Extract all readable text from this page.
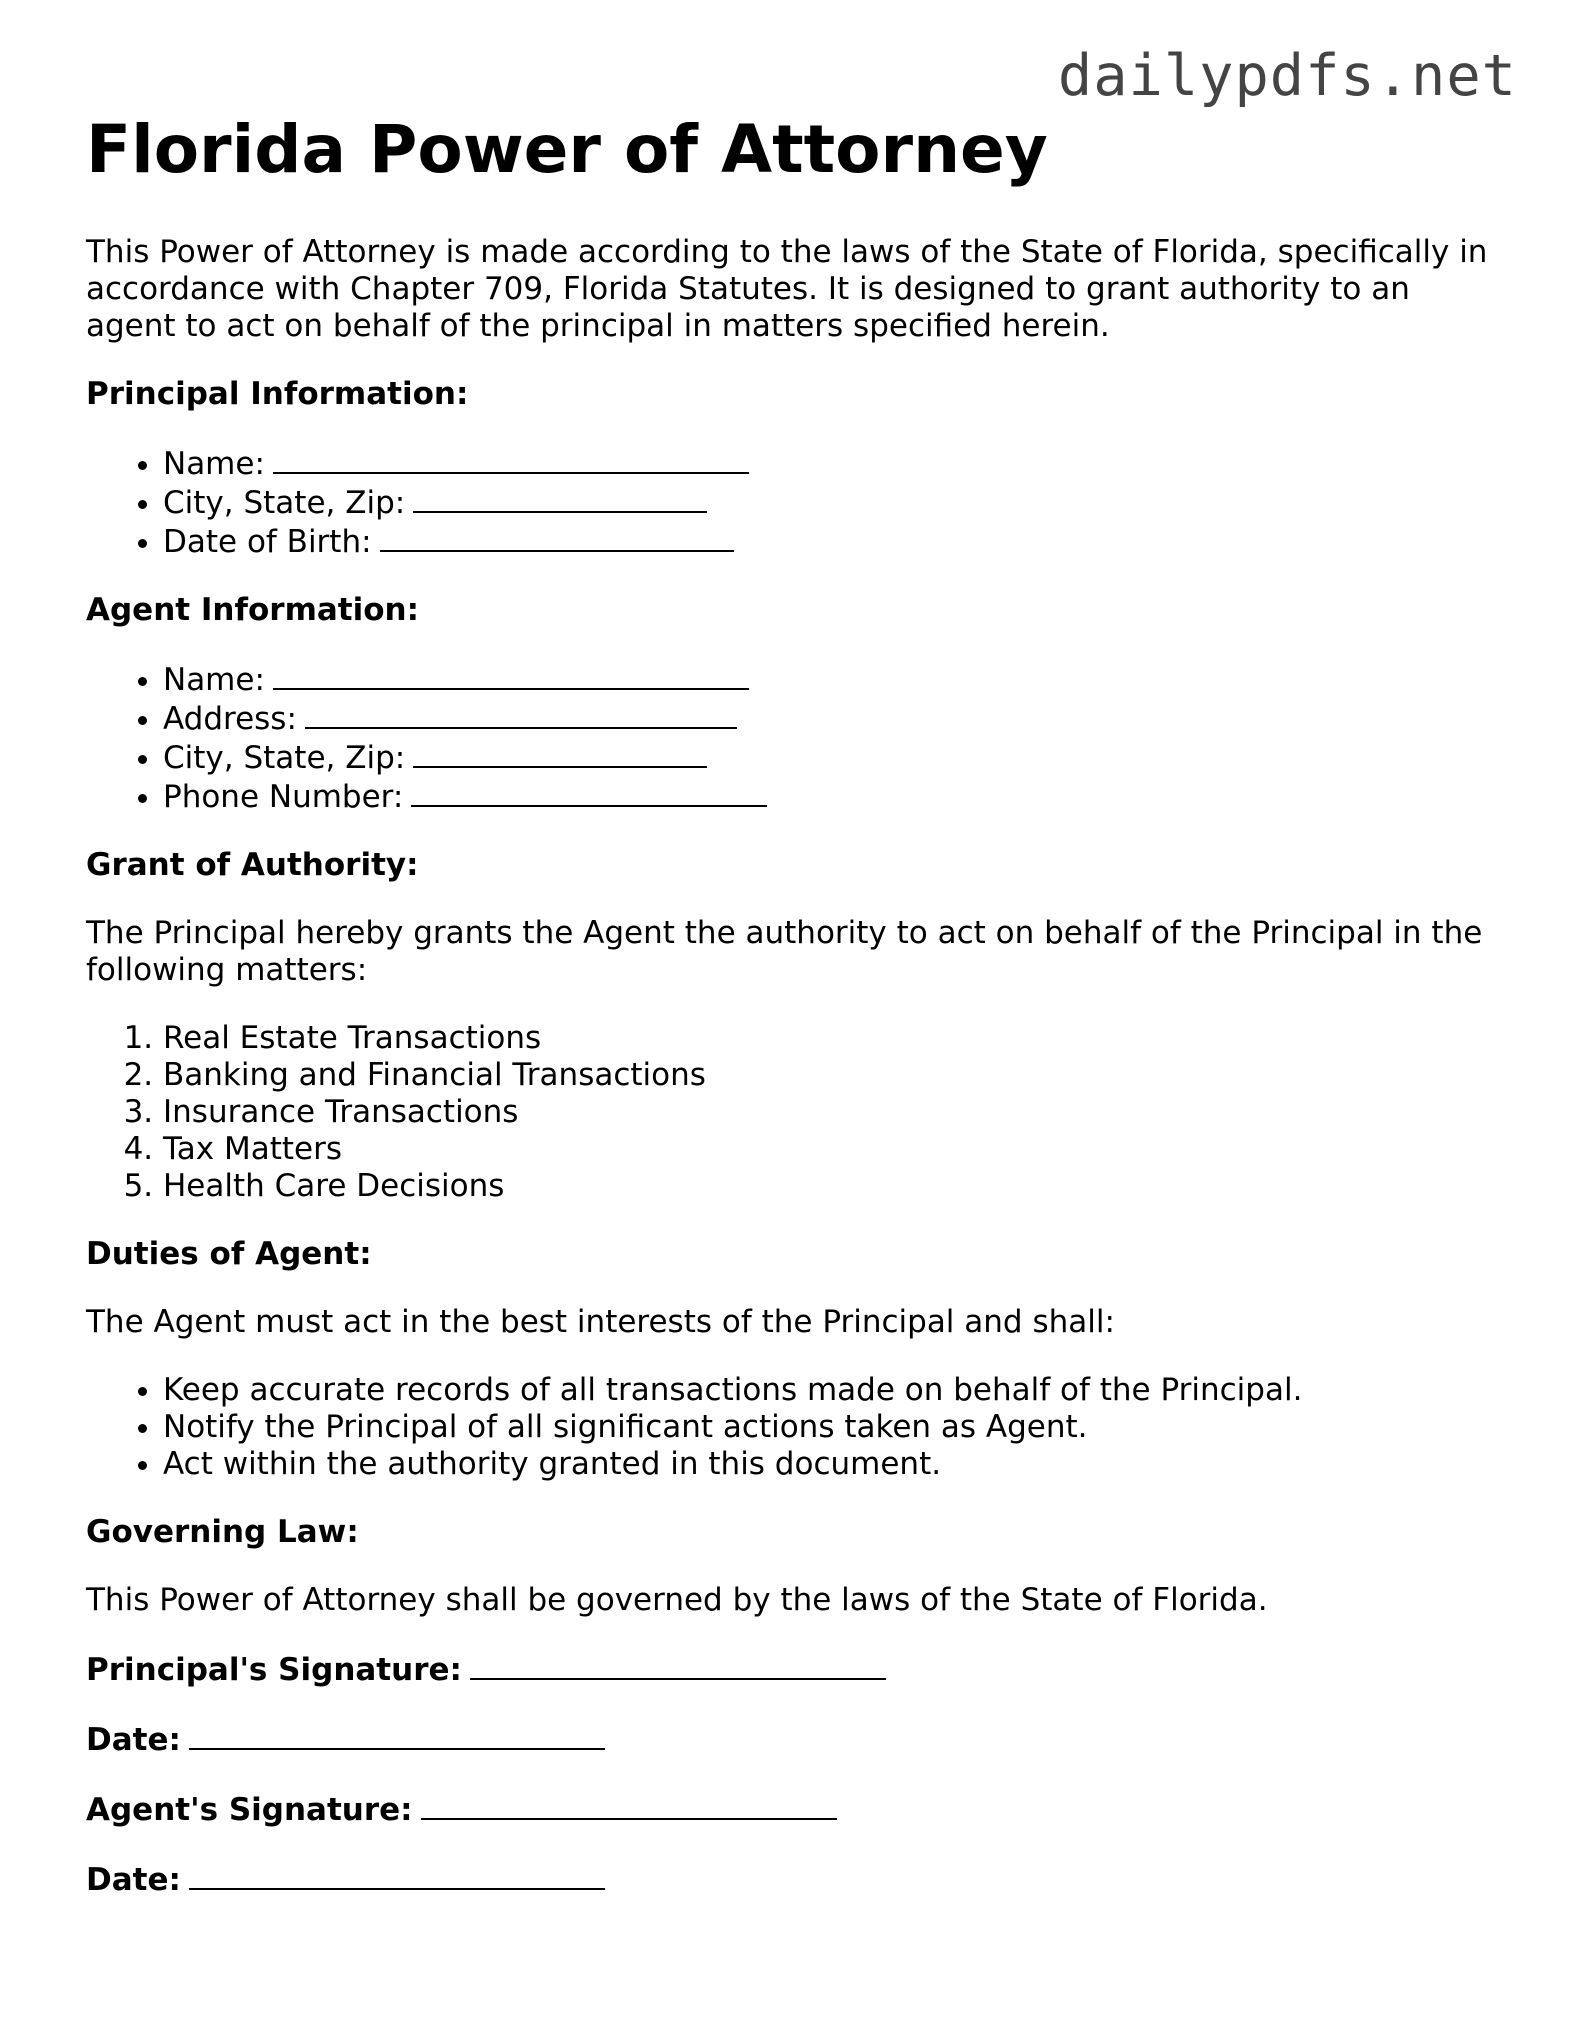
dailypdfs.net
Florida Power of Attorney

This Power of Attorney is made according to the laws of the State of Florida, specifically in accordance with Chapter 709, Florida Statutes. It is designed to grant authority to an agent to act on behalf of the principal in matters specified herein.

Principal Information:
• Name:
• City, State, Zip:
• Date of Birth:
Agent Information:
• Name:
• Address:
• City, State, Zip:
• Phone Number:
Grant of Authority:

The Principal hereby grants the Agent the authority to act on behalf of the Principal in the following matters:

1. Real Estate Transactions
2. Banking and Financial Transactions
3. Insurance Transactions
4. Tax Matters
5. Health Care Decisions
Duties of Agent:

The Agent must act in the best interests of the Principal and shall:

• Keep accurate records of all transactions made on behalf of the Principal.
• Notify the Principal of all significant actions taken as Agent.
• Act within the authority granted in this document.
Governing Law:

This Power of Attorney shall be governed by the laws of the State of Florida.

Principal's Signature:
Date:
Agent's Signature:
Date:
